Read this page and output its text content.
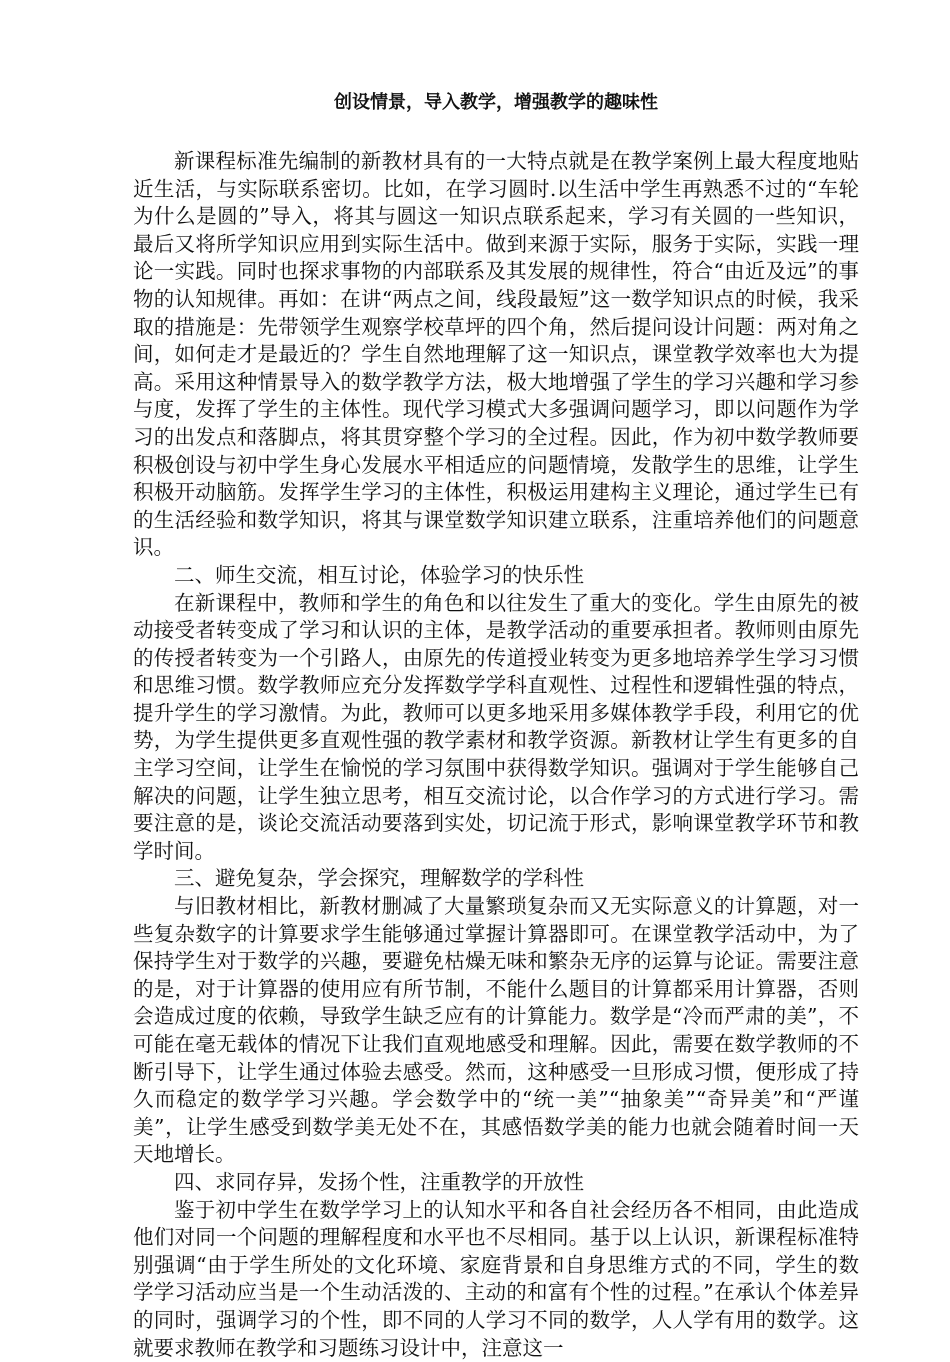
创设情景，导入教学，增强教学的趣味性

新课程标准先编制的新教材具有的一大特点就是在教学案例上最大程度地贴近生活，与实际联系密切。比如，在学习圆时.以生活中学生再熟悉不过的“车轮为什么是圆的”导入，将其与圆这一知识点联系起来，学习有关圆的一些知识，最后又将所学知识应用到实际生活中。做到来源于实际，服务于实际，实践一理论一实践。同时也探求事物的内部联系及其发展的规律性，符合“由近及远”的事物的认知规律。再如：在讲“两点之间，线段最短”这一数学知识点的时候，我采取的措施是：先带领学生观察学校草坪的四个角，然后提问设计问题：两对角之间，如何走才是最近的？学生自然地理解了这一知识点，课堂教学效率也大为提高。采用这种情景导入的数学教学方法，极大地增强了学生的学习兴趣和学习参与度，发挥了学生的主体性。现代学习模式大多强调问题学习，即以问题作为学习的出发点和落脚点，将其贯穿整个学习的全过程。因此，作为初中数学教师要积极创设与初中学生身心发展水平相适应的问题情境，发散学生的思维，让学生积极开动脑筋。发挥学生学习的主体性，积极运用建构主义理论，通过学生已有的生活经验和数学知识，将其与课堂数学知识建立联系，注重培养他们的问题意识。

二、师生交流，相互讨论，体验学习的快乐性

在新课程中，教师和学生的角色和以往发生了重大的变化。学生由原先的被动接受者转变成了学习和认识的主体，是教学活动的重要承担者。教师则由原先的传授者转变为一个引路人，由原先的传道授业转变为更多地培养学生学习习惯和思维习惯。数学教师应充分发挥数学学科直观性、过程性和逻辑性强的特点，提升学生的学习激情。为此，教师可以更多地采用多媒体教学手段，利用它的优势，为学生提供更多直观性强的教学素材和教学资源。新教材让学生有更多的自主学习空间，让学生在愉悦的学习氛围中获得数学知识。强调对于学生能够自己解决的问题，让学生独立思考，相互交流讨论，以合作学习的方式进行学习。需要注意的是，谈论交流活动要落到实处，切记流于形式，影响课堂教学环节和教学时间。

三、避免复杂，学会探究，理解数学的学科性

与旧教材相比，新教材删减了大量繁琐复杂而又无实际意义的计算题，对一些复杂数字的计算要求学生能够通过掌握计算器即可。在课堂教学活动中，为了保持学生对于数学的兴趣，要避免枯燥无味和繁杂无序的运算与论证。需要注意的是，对于计算器的使用应有所节制，不能什么题目的计算都采用计算器，否则会造成过度的依赖，导致学生缺乏应有的计算能力。数学是“冷而严肃的美”，不可能在毫无载体的情况下让我们直观地感受和理解。因此，需要在数学教师的不断引导下，让学生通过体验去感受。然而，这种感受一旦形成习惯，便形成了持久而稳定的数学学习兴趣。学会数学中的“统一美”“抽象美”“奇异美”和“严谨美”，让学生感受到数学美无处不在，其感悟数学美的能力也就会随着时间一天天地增长。

四、求同存异，发扬个性，注重教学的开放性

鉴于初中学生在数学学习上的认知水平和各自社会经历各不相同，由此造成他们对同一个问题的理解程度和水平也不尽相同。基于以上认识，新课程标准特别强调“由于学生所处的文化环境、家庭背景和自身思维方式的不同，学生的数学学习活动应当是一个生动活泼的、主动的和富有个性的过程。”在承认个体差异的同时，强调学习的个性，即不同的人学习不同的数学，人人学有用的数学。这就要求教师在教学和习题练习设计中，注意这一
